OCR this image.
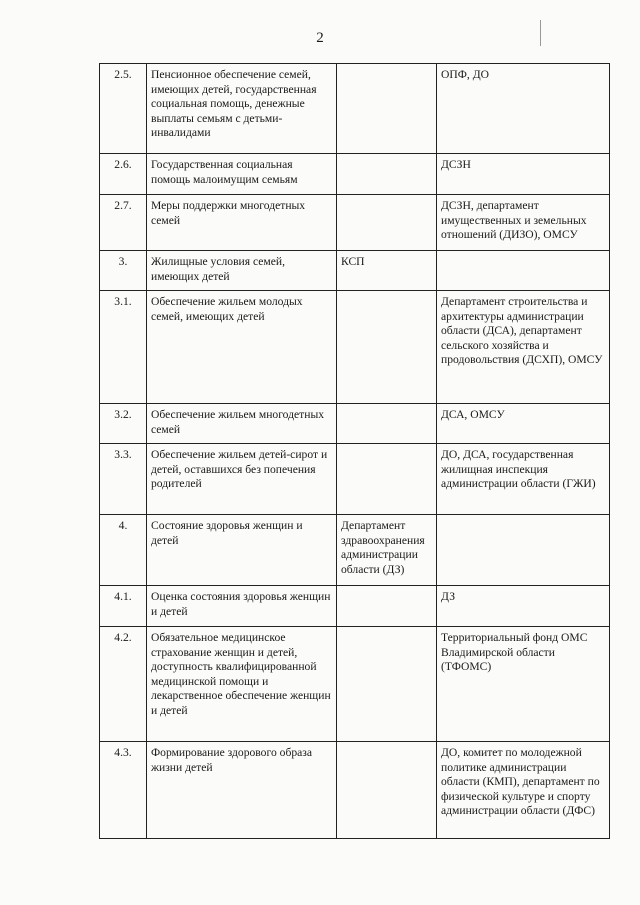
2
2.5.	Пенсионное обеспечение семей, имеющих детей, государственная социальная помощь, денежные выплаты семьям с детьми-инвалидами		ОПФ, ДО
2.6.	Государственная социальная помощь малоимущим семьям		ДСЗН
2.7.	Меры поддержки многодетных семей		ДСЗН, департамент имущественных и земельных отношений (ДИЗО), ОМСУ
3.	Жилищные условия семей, имеющих детей	КСП	
3.1.	Обеспечение жильем молодых семей, имеющих детей		Департамент строительства и архитектуры администрации области (ДСА), департамент сельского хозяйства и продовольствия (ДСХП), ОМСУ
3.2.	Обеспечение жильем многодетных семей		ДСА, ОМСУ
3.3.	Обеспечение жильем детей-сирот и детей, оставшихся без попечения родителей		ДО, ДСА, государственная жилищная инспекция администрации области (ГЖИ)
4.	Состояние здоровья женщин и детей	Департамент здравоохранения администрации области (ДЗ)	
4.1.	Оценка состояния здоровья женщин и детей		ДЗ
4.2.	Обязательное медицинское страхование женщин и детей, доступность квалифицированной медицинской помощи и лекарственное обеспечение женщин и детей		Территориальный фонд ОМС Владимирской области (ТФОМС)
4.3.	Формирование здорового образа жизни детей		ДО, комитет по молодежной политике администрации области (КМП), департамент по физической культуре и спорту администрации области (ДФС)
